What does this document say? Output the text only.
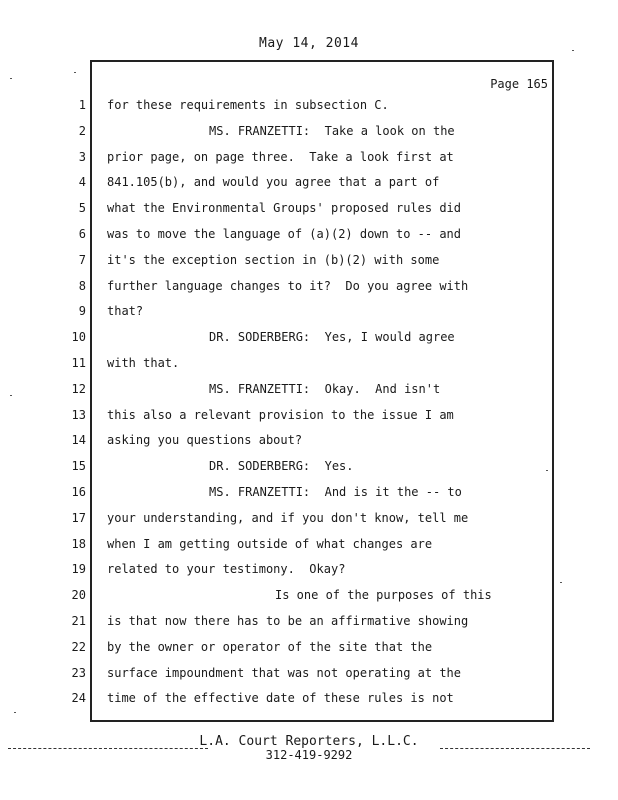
May 14, 2014
Page 165
1
2
3
4
5
6
7
8
9
10
11
12
13
14
15
16
17
18
19
20
21
22
23
24
for these requirements in subsection C.
MS. FRANZETTI:  Take a look on the
prior page, on page three.  Take a look first at
841.105(b), and would you agree that a part of
what the Environmental Groups' proposed rules did
was to move the language of (a)(2) down to -- and
it's the exception section in (b)(2) with some
further language changes to it?  Do you agree with
that?
DR. SODERBERG:  Yes, I would agree
with that.
MS. FRANZETTI:  Okay.  And isn't
this also a relevant provision to the issue I am
asking you questions about?
DR. SODERBERG:  Yes.
MS. FRANZETTI:  And is it the -- to
your understanding, and if you don't know, tell me
when I am getting outside of what changes are
related to your testimony.  Okay?
Is one of the purposes of this
is that now there has to be an affirmative showing
by the owner or operator of the site that the
surface impoundment that was not operating at the
time of the effective date of these rules is not
L.A. Court Reporters, L.L.C.
312-419-9292
